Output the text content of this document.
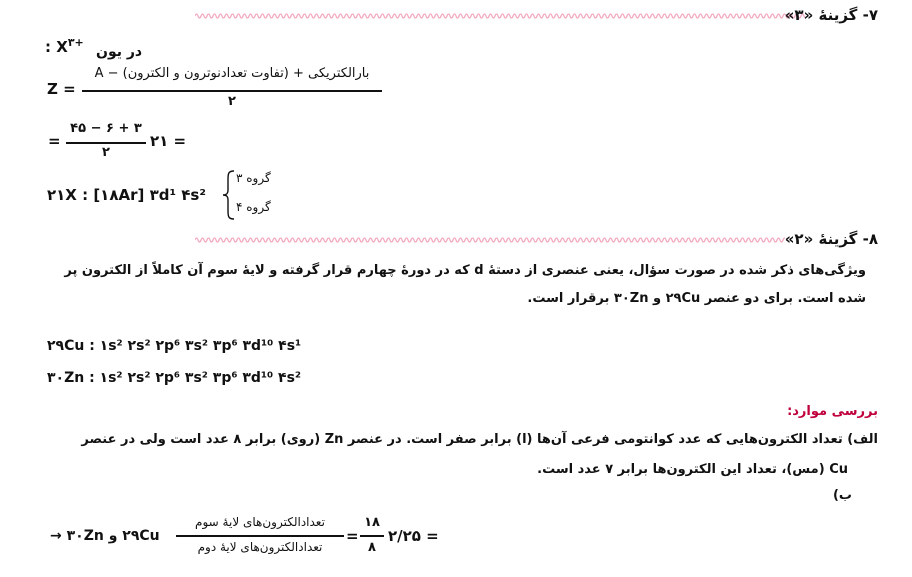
۷- گزینهٔ «۳»
در یون
: $X^{۳+}$
Z =
بارالکتریکی + (تفاوت تعدادنوترون و الکترون) − A
۲
=
۴۵ − ۶ + ۳
۲
= ۲۱
۲۱X : [۱۸Ar] ۳d¹ ۴s²
گروه ۳
گروه ۴
۸- گزینهٔ «۲»
ویژگی‌های ذکر شده در صورت سؤال، یعنی عنصری از دستهٔ d که در دورهٔ چهارم قرار گرفته و لایهٔ سوم آن کاملاً از الکترون پر
شده است. برای دو عنصر ۲۹Cu و ۳۰Zn برقرار است.
۲۹Cu : ۱s² ۲s² ۲p⁶ ۳s² ۳p⁶ ۳d¹⁰ ۴s¹
۳۰Zn : ۱s² ۲s² ۲p⁶ ۳s² ۳p⁶ ۳d¹⁰ ۴s²
بررسی موارد:
الف) تعداد الکترون‌هایی که عدد کوانتومی فرعی آن‌ها (l) برابر صفر است. در عنصر Zn (روی) برابر ۸ عدد است ولی در عنصر
Cu (مس)، تعداد این الکترون‌ها برابر ۷ عدد است.
ب)
۲۹Cu و ۳۰Zn →
تعدادالکترون‌های لایهٔ سوم
تعدادالکترون‌های لایهٔ دوم
=
۱۸
۸
= ۲/۲۵
